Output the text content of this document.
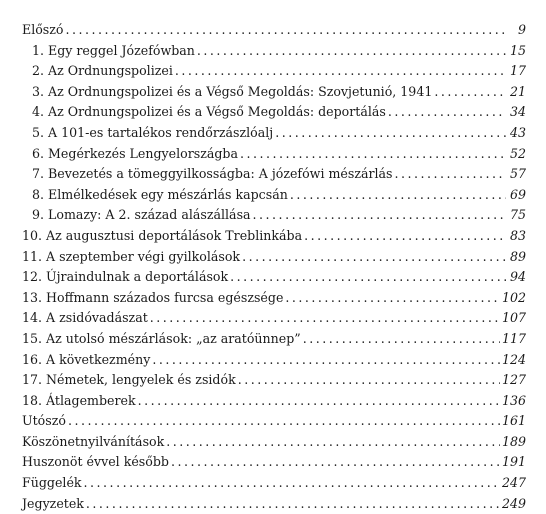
Előszó .....	9
1. Egy reggel Józefówban .....	15
2. Az Ordnungspolizei .....	17
3. Az Ordnungspolizei és a Végső Megoldás: Szovjetunió, 1941 .....	21
4. Az Ordnungspolizei és a Végső Megoldás: deportálás .....	34
5. A 101-es tartalékos rendőrzászlóalj .....	43
6. Megérkezés Lengyelországba .....	52
7. Bevezetés a tömeggyilkosságba: A józefówi mészárlás .....	57
8. Elmélkedések egy mészárlás kapcsán .....	69
9. Lomazy: A 2. század alászállása .....	75
10. Az augusztusi deportálások Treblinkába .....	83
11. A szeptember végi gyilkolások .....	89
12. Újraindulnak a deportálások .....	94
13. Hoffmann százados furcsa egészsége .....	102
14. A zsidóvadászat .....	107
15. Az utolsó mészárlások: „az aratóünnep” .....	117
16. A következmény .....	124
17. Németek, lengyelek és zsidók .....	127
18. Átlagemberek .....	136
Utószó .....	161
Köszönetnyilvánítások .....	189
Huszonöt évvel később .....	191
Függelék .....	247
Jegyzetek .....	249
